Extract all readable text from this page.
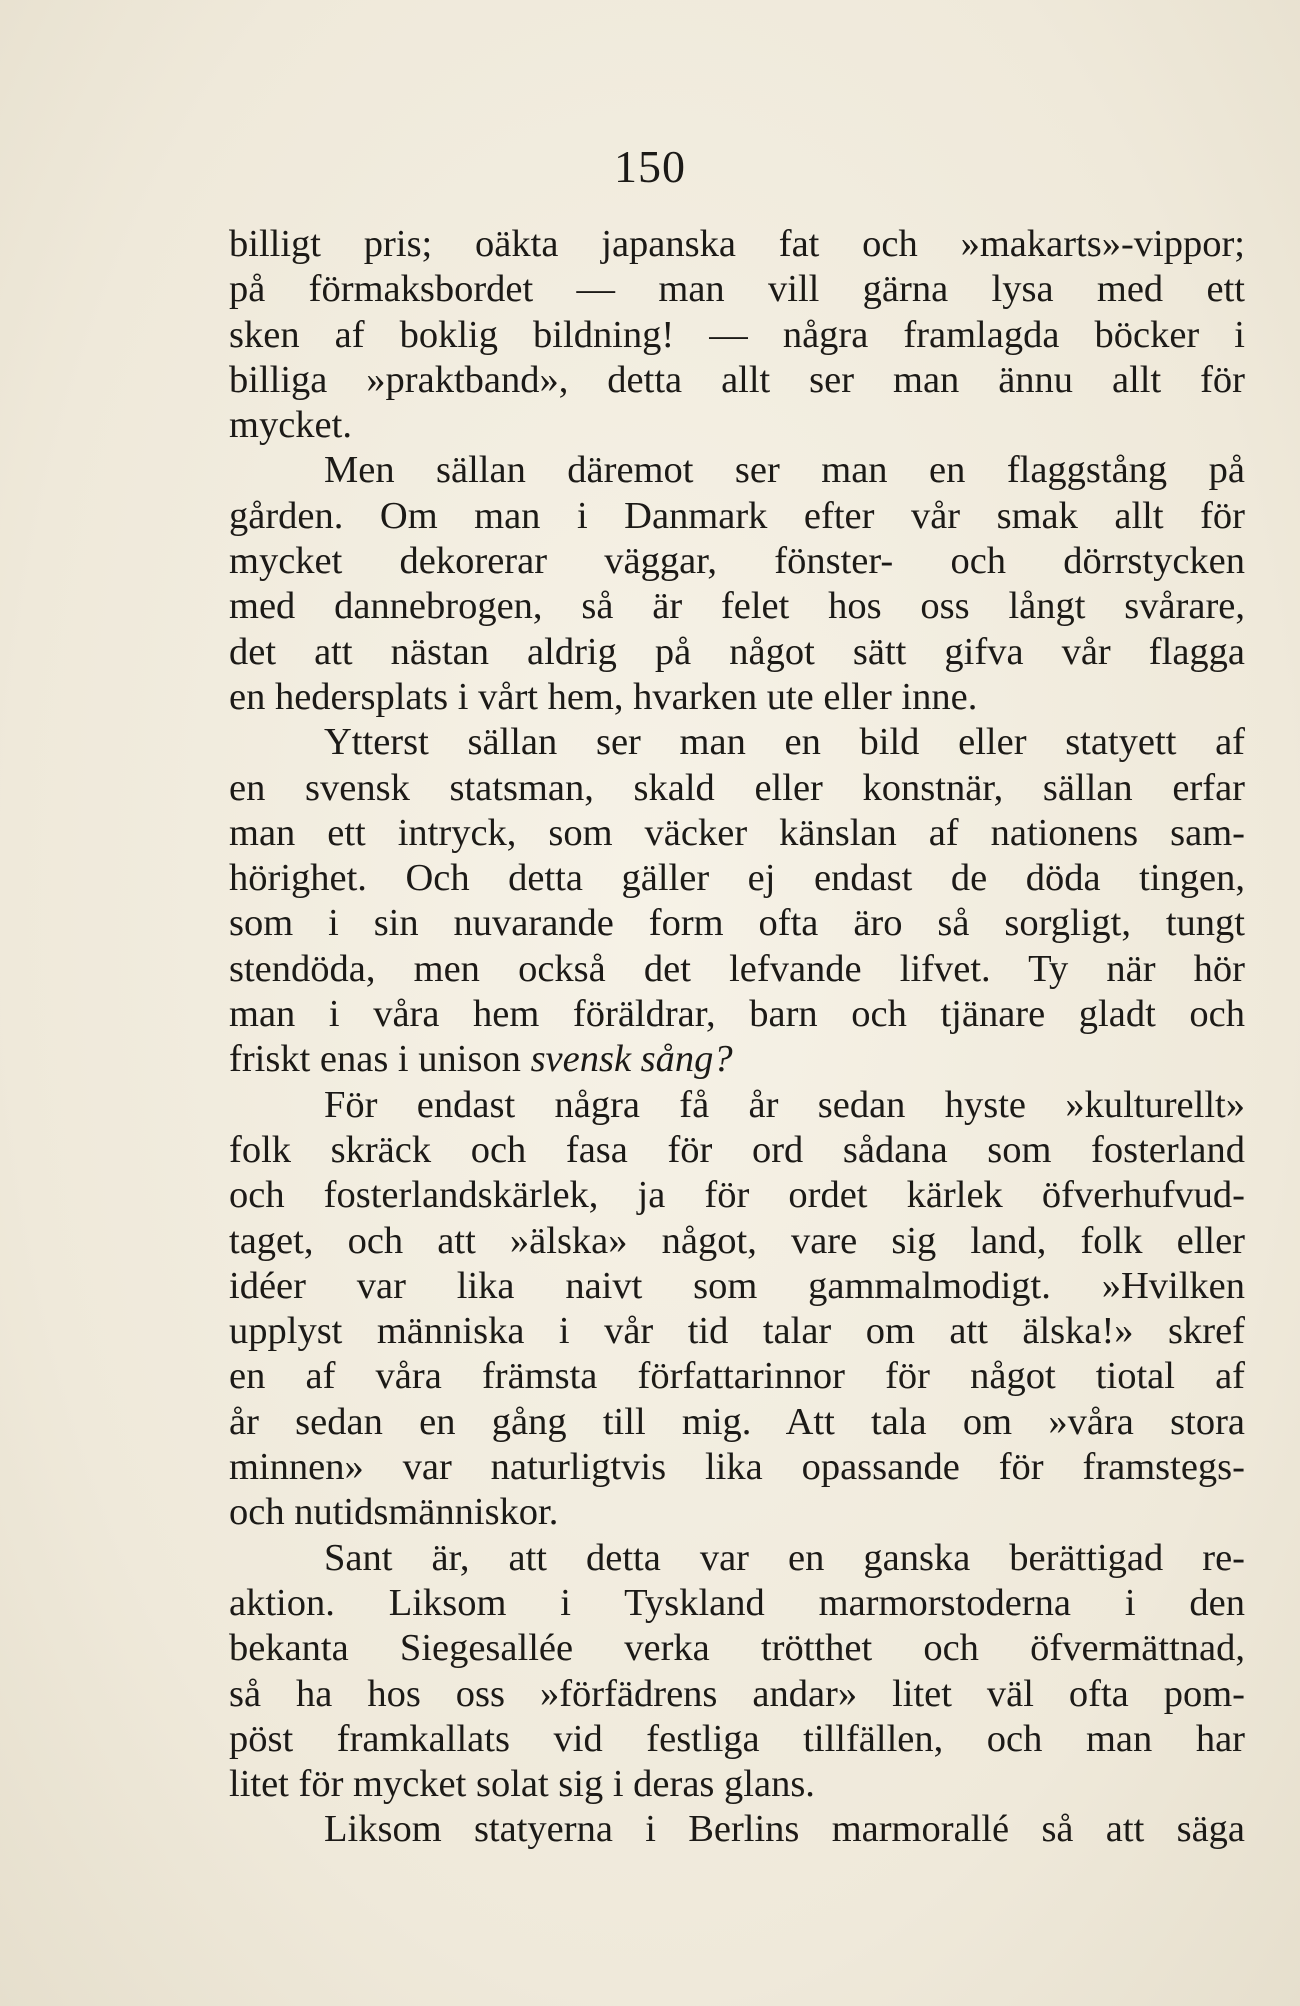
150
billigt pris; oäkta japanska fat och »makarts»-vippor;
på förmaksbordet — man vill gärna lysa med ett
sken af boklig bildning! — några framlagda böcker i
billiga »praktband», detta allt ser man ännu allt för
mycket.
Men sällan däremot ser man en flaggstång på
gården. Om man i Danmark efter vår smak allt för
mycket dekorerar väggar, fönster- och dörrstycken
med dannebrogen, så är felet hos oss långt svårare,
det att nästan aldrig på något sätt gifva vår flagga
en hedersplats i vårt hem, hvarken ute eller inne.
Ytterst sällan ser man en bild eller statyett af
en svensk statsman, skald eller konstnär, sällan erfar
man ett intryck, som väcker känslan af nationens sam-
hörighet. Och detta gäller ej endast de döda tingen,
som i sin nuvarande form ofta äro så sorgligt, tungt
stendöda, men också det lefvande lifvet. Ty när hör
man i våra hem föräldrar, barn och tjänare gladt och
friskt enas i unison svensk sång?
För endast några få år sedan hyste »kulturellt»
folk skräck och fasa för ord sådana som fosterland
och fosterlandskärlek, ja för ordet kärlek öfverhufvud-
taget, och att »älska» något, vare sig land, folk eller
idéer var lika naivt som gammalmodigt. »Hvilken
upplyst människa i vår tid talar om att älska!» skref
en af våra främsta författarinnor för något tiotal af
år sedan en gång till mig. Att tala om »våra stora
minnen» var naturligtvis lika opassande för framstegs-
och nutidsmänniskor.
Sant är, att detta var en ganska berättigad re-
aktion. Liksom i Tyskland marmorstoderna i den
bekanta Siegesallée verka trötthet och öfvermättnad,
så ha hos oss »förfädrens andar» litet väl ofta pom-
pöst framkallats vid festliga tillfällen, och man har
litet för mycket solat sig i deras glans.
Liksom statyerna i Berlins marmorallé så att säga
